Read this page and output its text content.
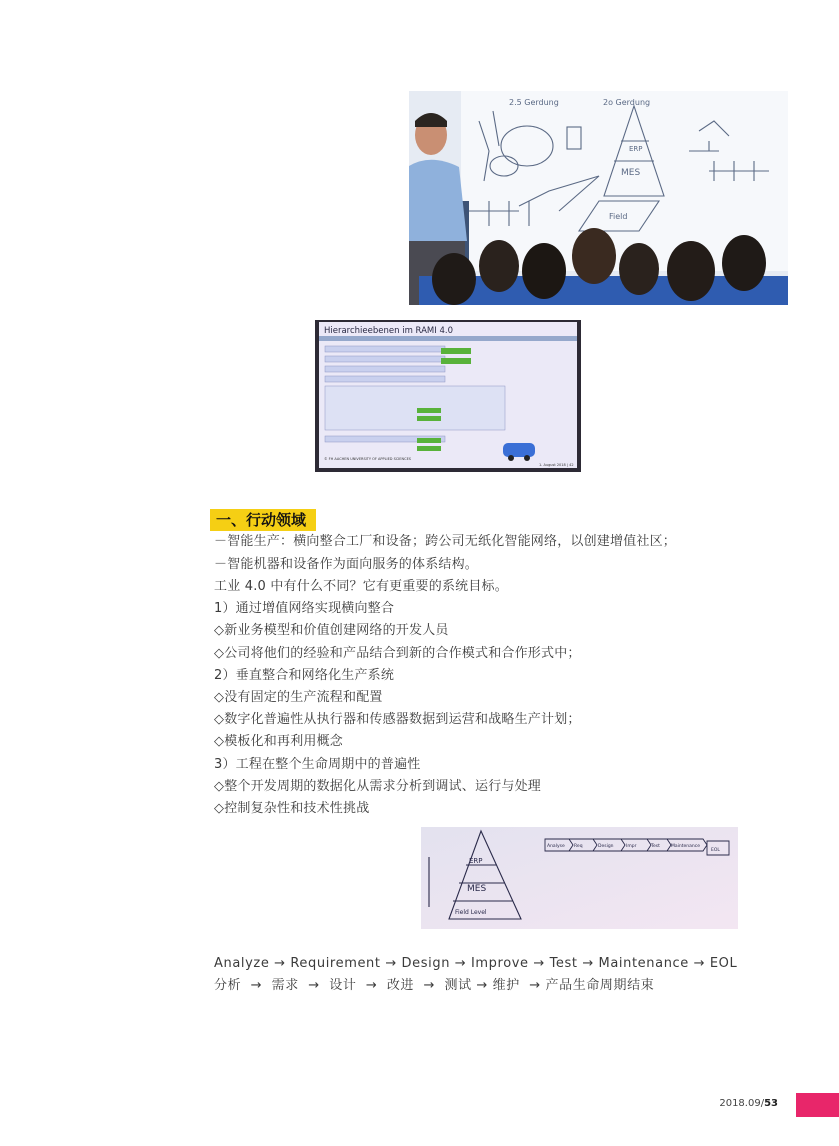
2.5 Gerdung	2o Gerdung
ERP
MES
Field
Hierarchieebenen im RAMI 4.0
© FH AACHEN UNIVERSITY OF APPLIED SCIENCES
1. August 2018 | 42
一、行动领域
－智能生产：横向整合工厂和设备；跨公司无纸化智能网络，以创建增值社区；
－智能机器和设备作为面向服务的体系结构。
工业 4.0 中有什么不同？它有更重要的系统目标。
1）通过增值网络实现横向整合
◇新业务模型和价值创建网络的开发人员
◇公司将他们的经验和产品结合到新的合作模式和合作形式中；
2）垂直整合和网络化生产系统
◇没有固定的生产流程和配置
◇数字化普遍性从执行器和传感器数据到运营和战略生产计划；
◇模板化和再利用概念
3）工程在整个生命周期中的普遍性
◇整个开发周期的数据化从需求分析到调试、运行与处理
◇控制复杂性和技术性挑战
ERP
MES
Field Level
Analyse Req	Design	Impr	Test Maintenance
EOL
Analyze → Requirement → Design → Improve → Test → Maintenance → EOL
分析  →  需求  →  设计  →  改进  →  测试 → 维护  → 产品生命周期结束
2018.09/53
